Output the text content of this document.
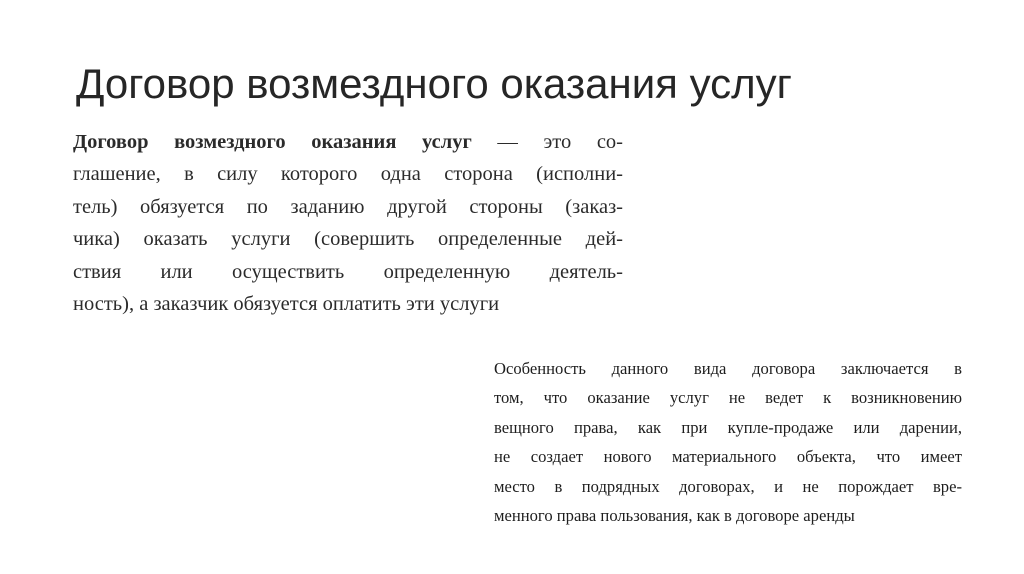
Договор возмездного оказания услуг
Договор возмездного оказания услуг — это со-
глашение, в силу которого одна сторона (исполни-
тель) обязуется по заданию другой стороны (заказ-
чика) оказать услуги (совершить определенные дей-
ствия или осуществить определенную деятель-
ность), а заказчик обязуется оплатить эти услуги
Особенность данного вида договора заключается в
том, что оказание услуг не ведет к возникновению
вещного права, как при купле-продаже или дарении,
не создает нового материального объекта, что имеет
место в подрядных договорах, и не порождает вре-
менного права пользования, как в договоре аренды
